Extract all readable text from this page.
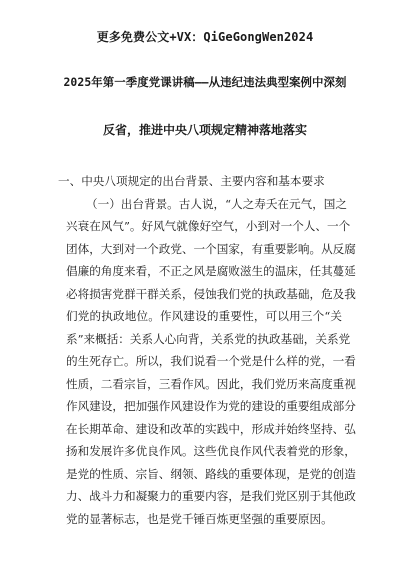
更多免费公文+VX：QiGeGongWen2024
2025年第一季度党课讲稿——从违纪违法典型案例中深刻
反省，推进中央八项规定精神落地落实
一、中央八项规定的出台背景、主要内容和基本要求
（一）出台背景。古人说，“人之寿夭在元气，国之
兴衰在风气”。好风气就像好空气，小到对一个人、一个
团体，大到对一个政党、一个国家，有重要影响。从反腐
倡廉的角度来看，不正之风是腐败滋生的温床，任其蔓延
必将损害党群干群关系，侵蚀我们党的执政基础，危及我
们党的执政地位。作风建设的重要性，可以用三个“关
系”来概括：关系人心向背，关系党的执政基础，关系党
的生死存亡。所以，我们说看一个党是什么样的党，一看
性质，二看宗旨，三看作风。因此，我们党历来高度重视
作风建设，把加强作风建设作为党的建设的重要组成部分
在长期革命、建设和改革的实践中，形成并始终坚持、弘
扬和发展许多优良作风。这些优良作风代表着党的形象，
是党的性质、宗旨、纲领、路线的重要体现，是党的创造
力、战斗力和凝聚力的重要内容，是我们党区别于其他政
党的显著标志，也是党千锤百炼更坚强的重要原因。
